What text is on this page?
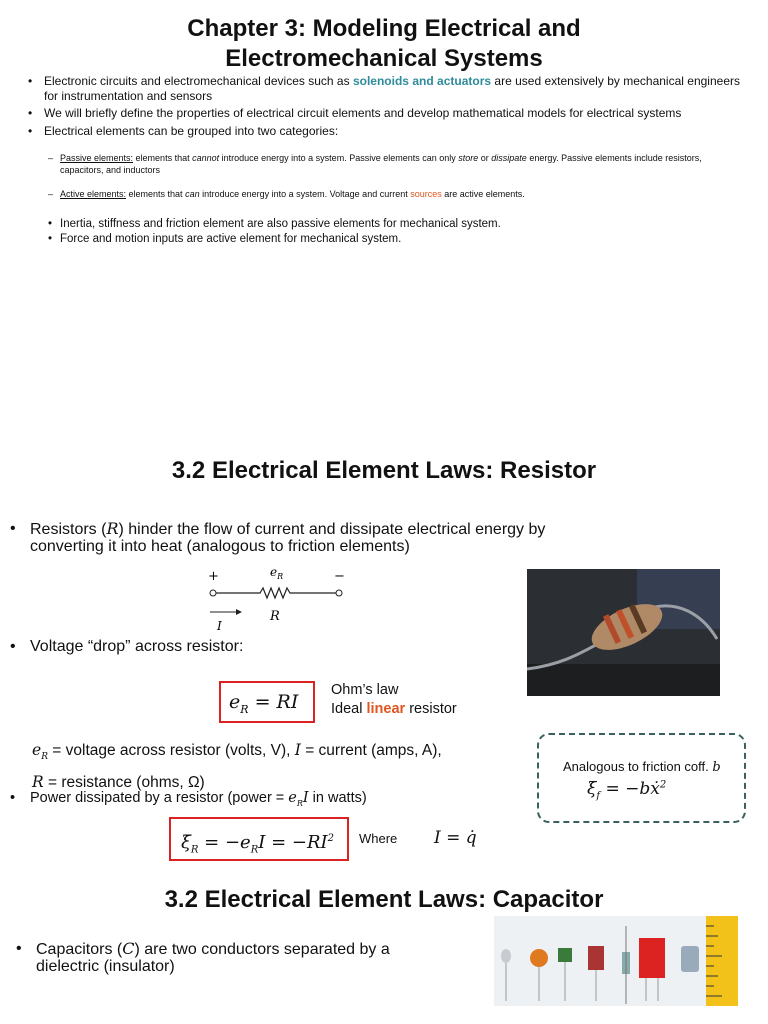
Chapter 3: Modeling Electrical and
Electromechanical Systems
• Electronic circuits and electromechanical devices such as solenoids and actuators are used extensively by mechanical engineers for instrumentation and sensors
• We will briefly define the properties of electrical circuit elements and develop mathematical models for electrical systems
• Electrical elements can be grouped into two categories:
– Passive elements: elements that cannot introduce energy into a system. Passive elements can only store or dissipate energy. Passive elements include resistors, capacitors, and inductors
– Active elements: elements that can introduce energy into a system. Voltage and current sources are active elements.
• Inertia, stiffness and friction element are also passive elements for mechanical system.
• Force and motion inputs are active element for mechanical system.
3.2 Electrical Element Laws: Resistor
• Resistors (R) hinder the flow of current and dissipate electrical energy by
converting it into heat (analogous to friction elements)
+	−
$e_R$
R
I
• Voltage “drop” across resistor:
$e_R$ = RI
Ohm’s law
Ideal linear resistor
$e_R$ = voltage across resistor (volts, V), I = current (amps, A),
R = resistance (ohms, Ω)
• Power dissipated by a resistor (power = $e_RI$ in watts)
$\xi̇_R = -e_RI = -RI^2$	Where I = q̇
Analogous to friction coff. b
$\xi̇_f$ = −bẋ$^2$
3.2 Electrical Element Laws: Capacitor
• Capacitors (C) are two conductors separated by a
dielectric (insulator)
